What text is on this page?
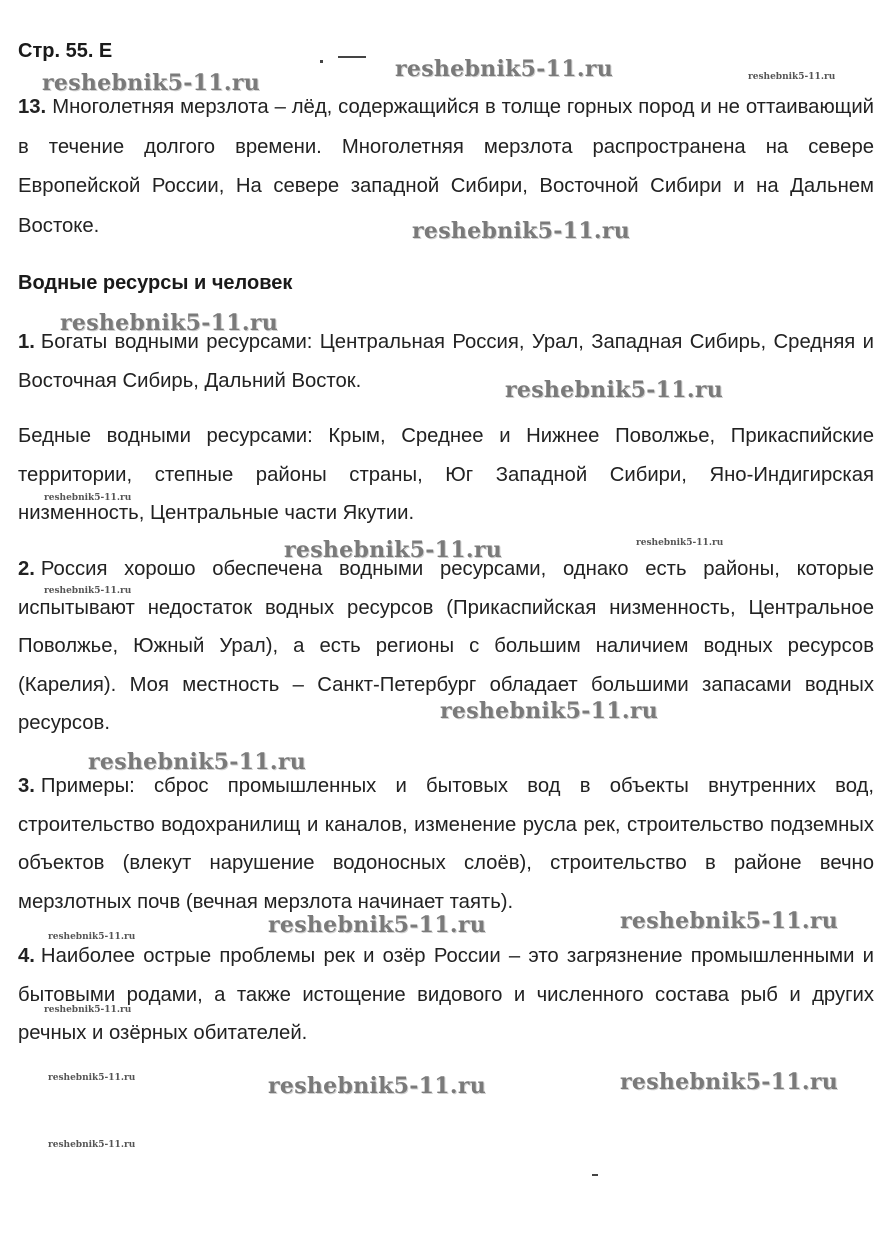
Стр. 55. Е
13. Многолетняя мерзлота – лёд, содержащийся в толще горных пород и не оттаивающий в течение долгого времени. Многолетняя мерзлота распространена на севере Европейской России, На севере западной Сибири, Восточной Сибири и на Дальнем Востоке.
Водные ресурсы и человек
1. Богаты водными ресурсами: Центральная Россия, Урал, Западная Сибирь, Средняя и Восточная Сибирь, Дальний Восток.
Бедные водными ресурсами: Крым, Среднее и Нижнее Поволжье, Прикаспийские территории, степные районы страны, Юг Западной Сибири, Яно-Индигирская низменность, Центральные части Якутии.
2. Россия хорошо обеспечена водными ресурсами, однако есть районы, которые испытывают недостаток водных ресурсов (Прикаспийская низменность, Центральное Поволжье, Южный Урал), а есть регионы с большим наличием водных ресурсов (Карелия). Моя местность – Санкт-Петербург обладает большими запасами водных ресурсов.
3. Примеры: сброс промышленных и бытовых вод в объекты внутренних вод, строительство водохранилищ и каналов, изменение русла рек, строительство подземных объектов (влекут нарушение водоносных слоёв), строительство в районе вечно мерзлотных почв (вечная мерзлота начинает таять).
4. Наиболее острые проблемы рек и озёр России – это загрязнение промышленными и бытовыми родами, а также истощение видового и численного состава рыб и других речных и озёрных обитателей.
reshebnik5-11.ru
reshebnik5-11.ru	reshebnik5-11.ru
reshebnik5-11.ru
reshebnik5-11.ru
reshebnik5-11.ru
reshebnik5-11.ru
reshebnik5-11.ru	reshebnik5-11.ru
reshebnik5-11.ru
reshebnik5-11.ru
reshebnik5-11.ru
reshebnik5-11.ru	reshebnik5-11.ru
reshebnik5-11.ru
reshebnik5-11.ru
reshebnik5-11.ru	reshebnik5-11.ru	reshebnik5-11.ru
reshebnik5-11.ru
